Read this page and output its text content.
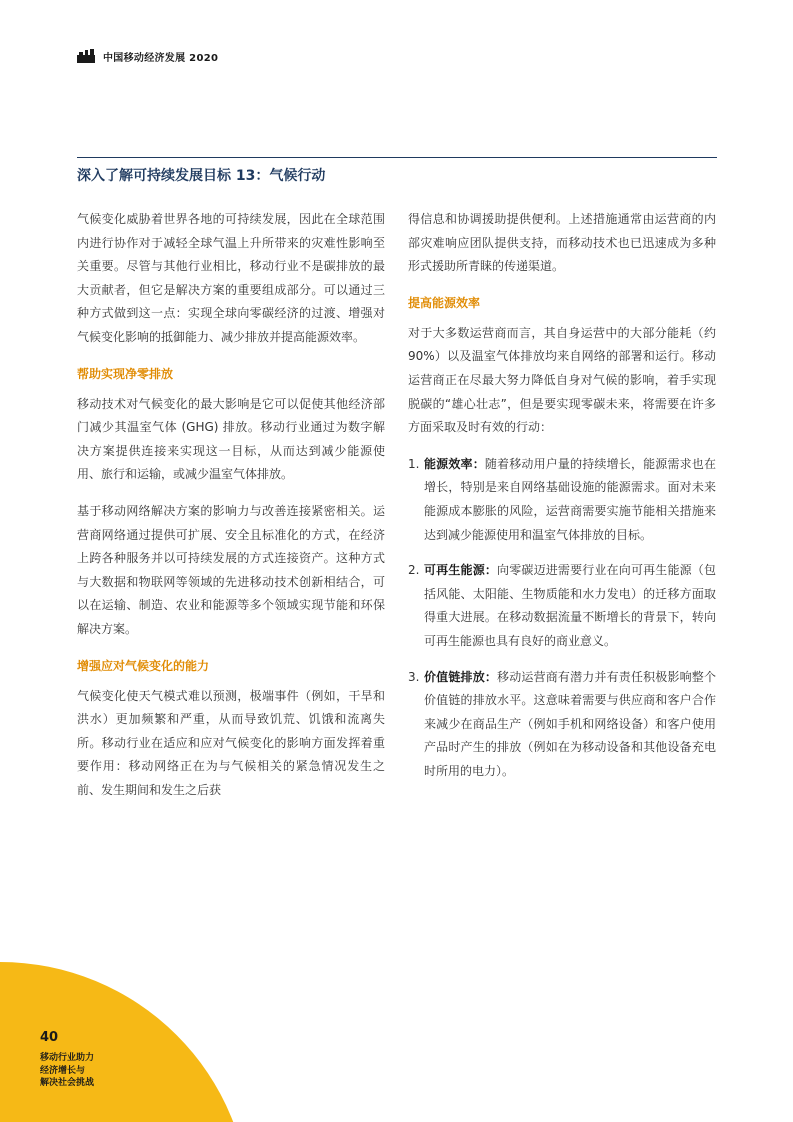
中国移动经济发展 2020
深入了解可持续发展目标 13：气候行动

气候变化威胁着世界各地的可持续发展，因此在全球范围内进行协作对于减轻全球气温上升所带来的灾难性影响至关重要。尽管与其他行业相比，移动行业不是碳排放的最大贡献者，但它是解决方案的重要组成部分。可以通过三种方式做到这一点：实现全球向零碳经济的过渡、增强对气候变化影响的抵御能力、减少排放并提高能源效率。

帮助实现净零排放

移动技术对气候变化的最大影响是它可以促使其他经济部门减少其温室气体 (GHG) 排放。移动行业通过为数字解决方案提供连接来实现这一目标，从而达到减少能源使用、旅行和运输，或减少温室气体排放。

基于移动网络解决方案的影响力与改善连接紧密相关。运营商网络通过提供可扩展、安全且标准化的方式，在经济上跨各种服务并以可持续发展的方式连接资产。这种方式与大数据和物联网等领域的先进移动技术创新相结合，可以在运输、制造、农业和能源等多个领域实现节能和环保解决方案。

增强应对气候变化的能力

气候变化使天气模式难以预测，极端事件（例如，干旱和洪水）更加频繁和严重，从而导致饥荒、饥饿和流离失所。移动行业在适应和应对气候变化的影响方面发挥着重要作用：移动网络正在为与气候相关的紧急情况发生之前、发生期间和发生之后获

得信息和协调援助提供便利。上述措施通常由运营商的内部灾难响应团队提供支持，而移动技术也已迅速成为多种形式援助所青睐的传递渠道。

提高能源效率

对于大多数运营商而言，其自身运营中的大部分能耗（约 90%）以及温室气体排放均来自网络的部署和运行。移动运营商正在尽最大努力降低自身对气候的影响，着手实现脱碳的“雄心壮志”，但是要实现零碳未来，将需要在许多方面采取及时有效的行动：

1. 能源效率：随着移动用户量的持续增长，能源需求也在增长，特别是来自网络基础设施的能源需求。面对未来能源成本膨胀的风险，运营商需要实施节能相关措施来达到减少能源使用和温室气体排放的目标。
2. 可再生能源：向零碳迈进需要行业在向可再生能源（包括风能、太阳能、生物质能和水力发电）的迁移方面取得重大进展。在移动数据流量不断增长的背景下，转向可再生能源也具有良好的商业意义。
3. 价值链排放：移动运营商有潜力并有责任积极影响整个价值链的排放水平。这意味着需要与供应商和客户合作来减少在商品生产（例如手机和网络设备）和客户使用产品时产生的排放（例如在为移动设备和其他设备充电时所用的电力）。
40
移动行业助力
经济增长与
解决社会挑战
